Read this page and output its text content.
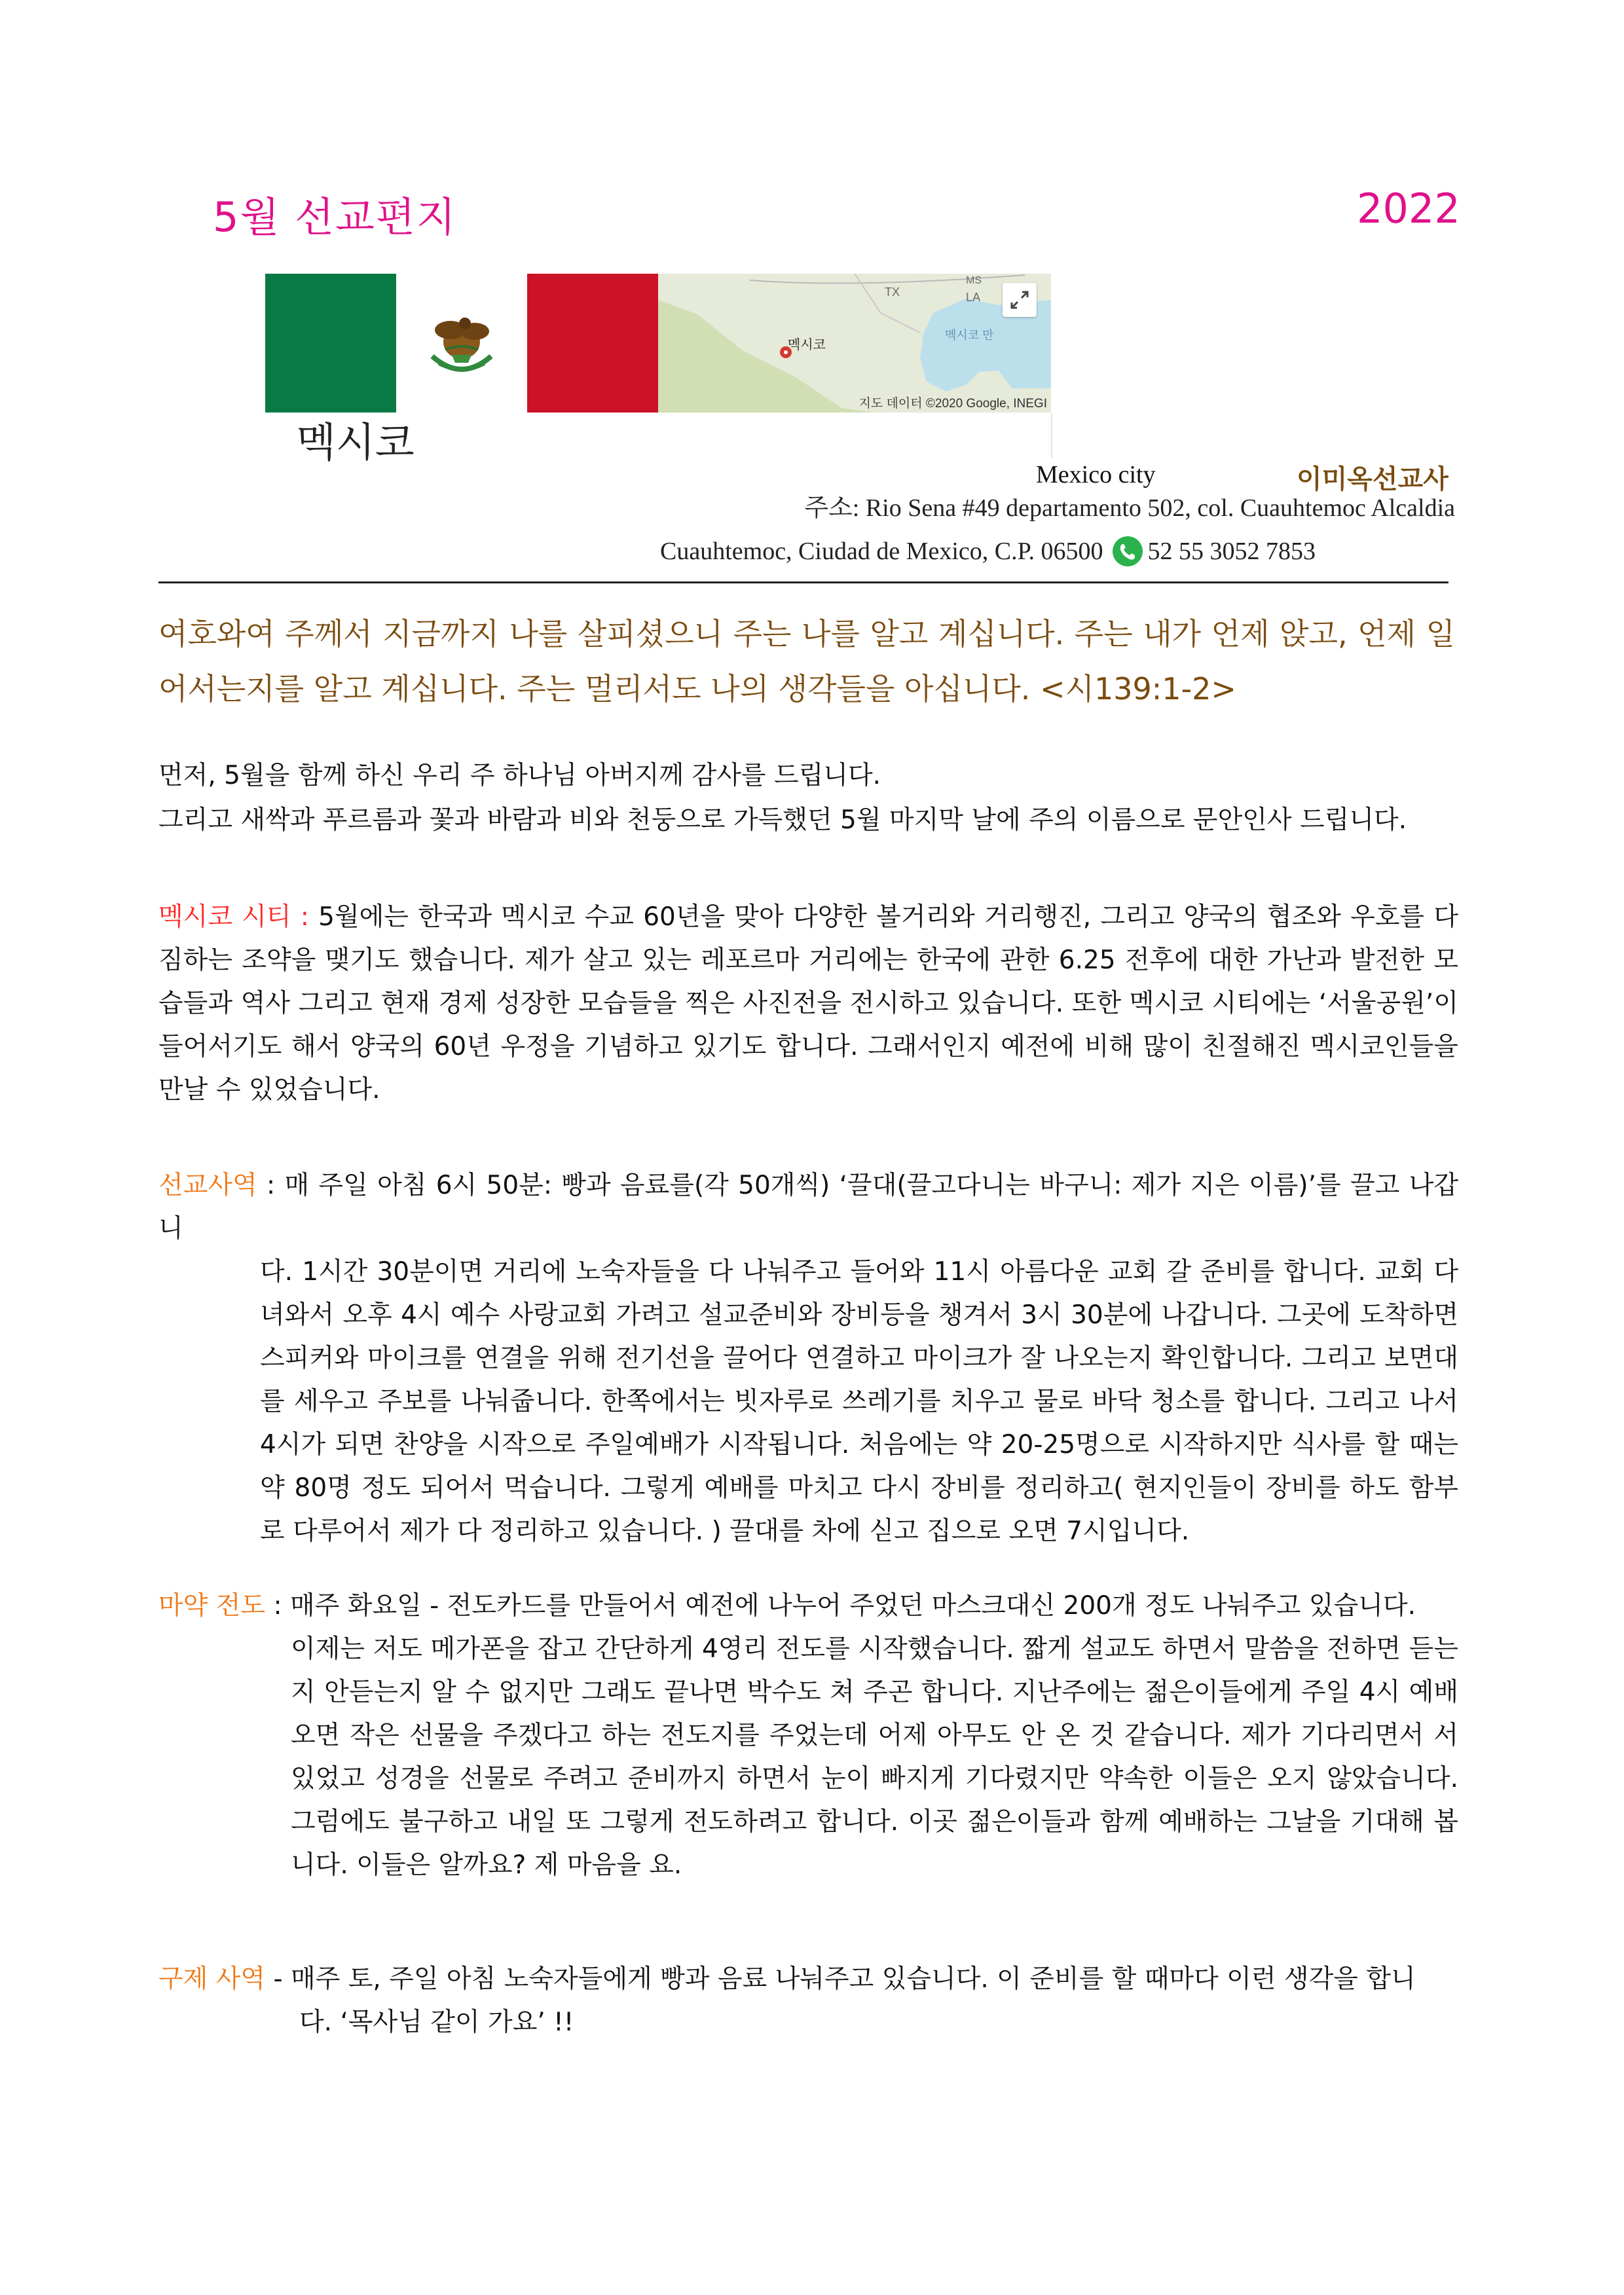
5월 선교편지	2022
MS
TX	LA
멕시코
멕시코 만
지도 데이터 ©2020 Google, INEGI
멕시코
Mexico city	이미옥선교사
주소: Rio Sena #49 departamento 502, col. Cuauhtemoc Alcaldia
Cuauhtemoc, Ciudad de Mexico, C.P. 06500 52 55 3052 7853
여호와여 주께서 지금까지 나를 살피셨으니 주는 나를 알고 계십니다. 주는 내가 언제 앉고, 언제 일어서는지를 알고 계십니다. 주는 멀리서도 나의 생각들을 아십니다. <시139:1-2>
먼저, 5월을 함께 하신 우리 주 하나님 아버지께 감사를 드립니다.
그리고 새싹과 푸르름과 꽃과 바람과 비와 천둥으로 가득했던 5월 마지막 날에 주의 이름으로 문안인사 드립니다.
멕시코 시티 : 5월에는 한국과 멕시코 수교 60년을 맞아 다양한 볼거리와 거리행진, 그리고 양국의 협조와 우호를 다짐하는 조약을 맺기도 했습니다. 제가 살고 있는 레포르마 거리에는 한국에 관한 6.25 전후에 대한 가난과 발전한 모습들과 역사 그리고 현재 경제 성장한 모습들을 찍은 사진전을 전시하고 있습니다. 또한 멕시코 시티에는 ‘서울공원’이 들어서기도 해서 양국의 60년 우정을 기념하고 있기도 합니다. 그래서인지 예전에 비해 많이 친절해진 멕시코인들을 만날 수 있었습니다.
선교사역 : 매 주일 아침 6시 50분: 빵과 음료를(각 50개씩) ‘끌대(끌고다니는 바구니: 제가 지은 이름)’를 끌고 나갑니
다. 1시간 30분이면 거리에 노숙자들을 다 나눠주고 들어와 11시 아름다운 교회 갈 준비를 합니다. 교회 다녀와서 오후 4시 예수 사랑교회 가려고 설교준비와 장비등을 챙겨서 3시 30분에 나갑니다. 그곳에 도착하면 스피커와 마이크를 연결을 위해 전기선을 끌어다 연결하고 마이크가 잘 나오는지 확인합니다. 그리고 보면대를 세우고 주보를 나눠줍니다. 한쪽에서는 빗자루로 쓰레기를 치우고 물로 바닥 청소를 합니다. 그리고 나서 4시가 되면 찬양을 시작으로 주일예배가 시작됩니다. 처음에는 약 20-25명으로 시작하지만 식사를 할 때는 약 80명 정도 되어서 먹습니다. 그렇게 예배를 마치고 다시 장비를 정리하고( 현지인들이 장비를 하도 함부로 다루어서 제가 다 정리하고 있습니다. ) 끌대를 차에 싣고 집으로 오면 7시입니다.
마약 전도 : 매주 화요일 - 전도카드를 만들어서 예전에 나누어 주었던 마스크대신 200개 정도 나눠주고 있습니다.
이제는 저도 메가폰을 잡고 간단하게 4영리 전도를 시작했습니다. 짧게 설교도 하면서 말씀을 전하면 듣는지 안듣는지 알 수 없지만 그래도 끝나면 박수도 쳐 주곤 합니다. 지난주에는 젊은이들에게 주일 4시 예배오면 작은 선물을 주겠다고 하는 전도지를 주었는데 어제 아무도 안 온 것 같습니다. 제가 기다리면서 서 있었고 성경을 선물로 주려고 준비까지 하면서 눈이 빠지게 기다렸지만 약속한 이들은 오지 않았습니다. 그럼에도 불구하고 내일 또 그렇게 전도하려고 합니다. 이곳 젊은이들과 함께 예배하는 그날을 기대해 봅니다. 이들은 알까요? 제 마음을 요.
구제 사역 - 매주 토, 주일 아침 노숙자들에게 빵과 음료 나눠주고 있습니다. 이 준비를 할 때마다 이런 생각을 합니
다. ‘목사님 같이 가요’ !!
